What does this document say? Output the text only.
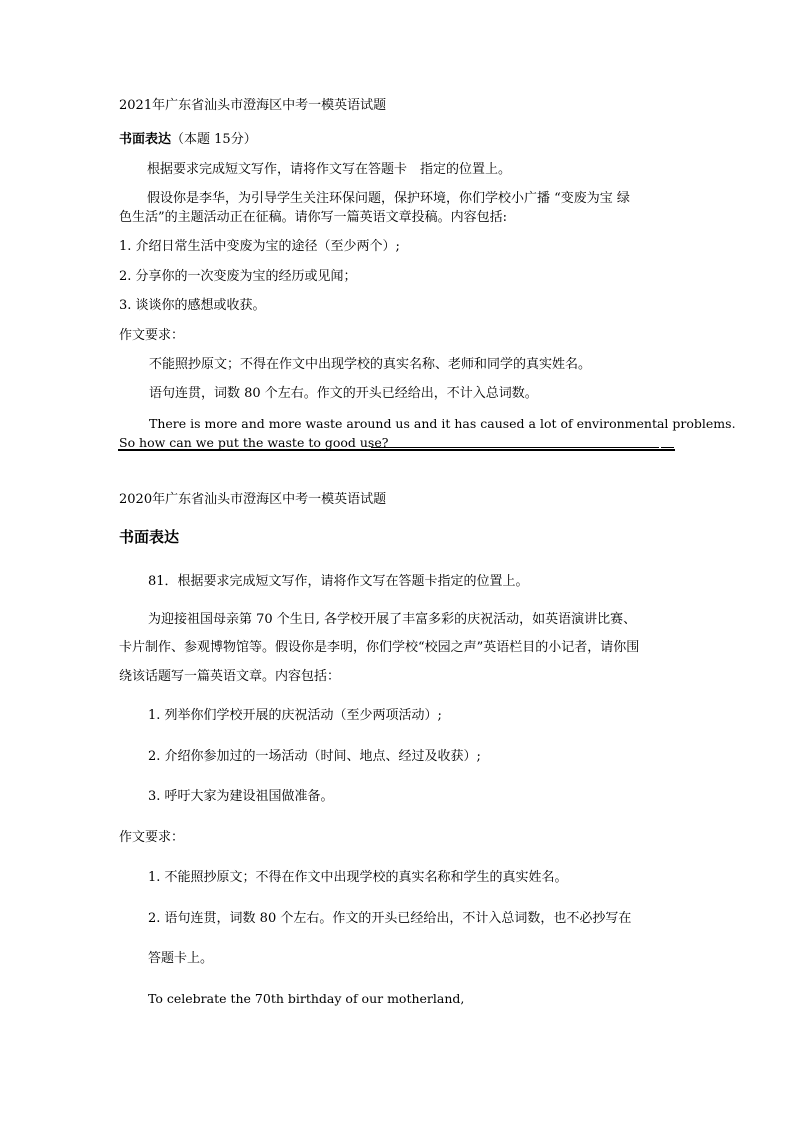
2021年广东省汕头市澄海区中考一模英语试题
书面表达（本题 15分）
根据要求完成短文写作，请将作文写在答题卡　指定的位置上。
假设你是李华，为引导学生关注环保问题，保护环境，你们学校小广播 “变废为宝 绿
色生活”的主题活动正在征稿。请你写一篇英语文章投稿。内容包括:
1. 介绍日常生活中变废为宝的途径（至少两个）;
2. 分享你的一次变废为宝的经历或见闻；
3. 谈谈你的感想或收获。
作文要求：
不能照抄原文；不得在作文中出现学校的真实名称、老师和同学的真实姓名。
语句连贯，词数 80 个左右。作文的开头已经给出，不计入总词数。
There is more and more waste around us and it has caused a lot of environmental problems.
So how can we put the waste to good use?
2020年广东省汕头市澄海区中考一模英语试题
书面表达
81．根据要求完成短文写作，请将作文写在答题卡指定的位置上。
为迎接祖国母亲第 70 个生日, 各学校开展了丰富多彩的庆祝活动，如英语演讲比赛、
卡片制作、参观博物馆等。假设你是李明，你们学校“校园之声”英语栏目的小记者，请你围
绕该话题写一篇英语文章。内容包括：
1. 列举你们学校开展的庆祝活动（至少两项活动）;
2. 介绍你参加过的一场活动（时间、地点、经过及收获）;
3. 呼吁大家为建设祖国做准备。
作文要求：
1. 不能照抄原文；不得在作文中出现学校的真实名称和学生的真实姓名。
2. 语句连贯，词数 80 个左右。作文的开头已经给出，不计入总词数，也不必抄写在
答题卡上。
To celebrate the 70th birthday of our motherland,
